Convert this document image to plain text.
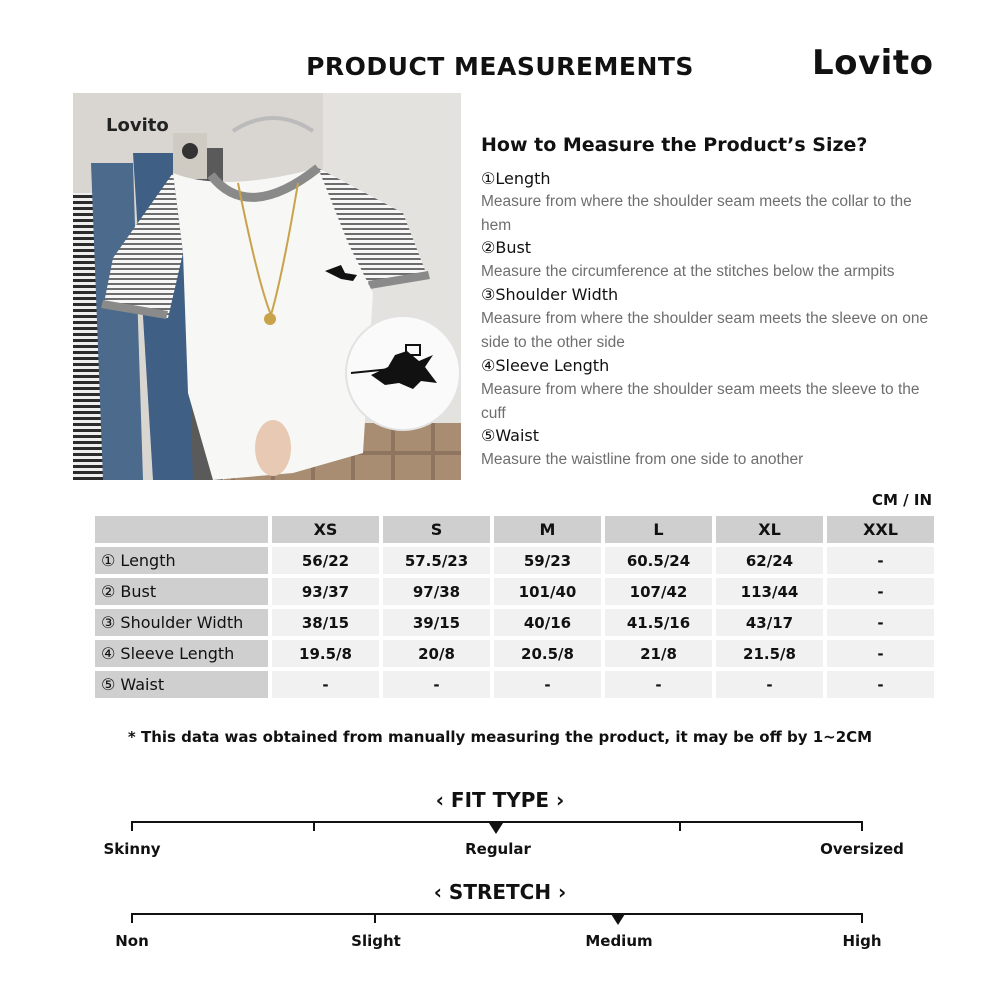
PRODUCT MEASUREMENTS	Lovito
Lovito
How to Measure the Product’s Size?
①Length
Measure from where the shoulder seam meets the collar to the hem
②Bust
Measure the circumference at the stitches below the armpits
③Shoulder Width
Measure from where the shoulder seam meets the sleeve on one side to the other side
④Sleeve Length
Measure from where the shoulder seam meets the sleeve to the cuff
⑤Waist
Measure the waistline from one side to another
CM / IN
	XS	S	M	L	XL	XXL
① Length	56/22	57.5/23	59/23	60.5/24	62/24	-
② Bust	93/37	97/38	101/40	107/42	113/44	-
③ Shoulder Width	38/15	39/15	40/16	41.5/16	43/17	-
④ Sleeve Length	19.5/8	20/8	20.5/8	21/8	21.5/8	-
⑤ Waist	-	-	-	-	-	-
* This data was obtained from manually measuring the product, it may be off by 1~2CM
‹ FIT TYPE ›
Skinny	Regular	Oversized
‹ STRETCH ›
Non	Slight	Medium	High
